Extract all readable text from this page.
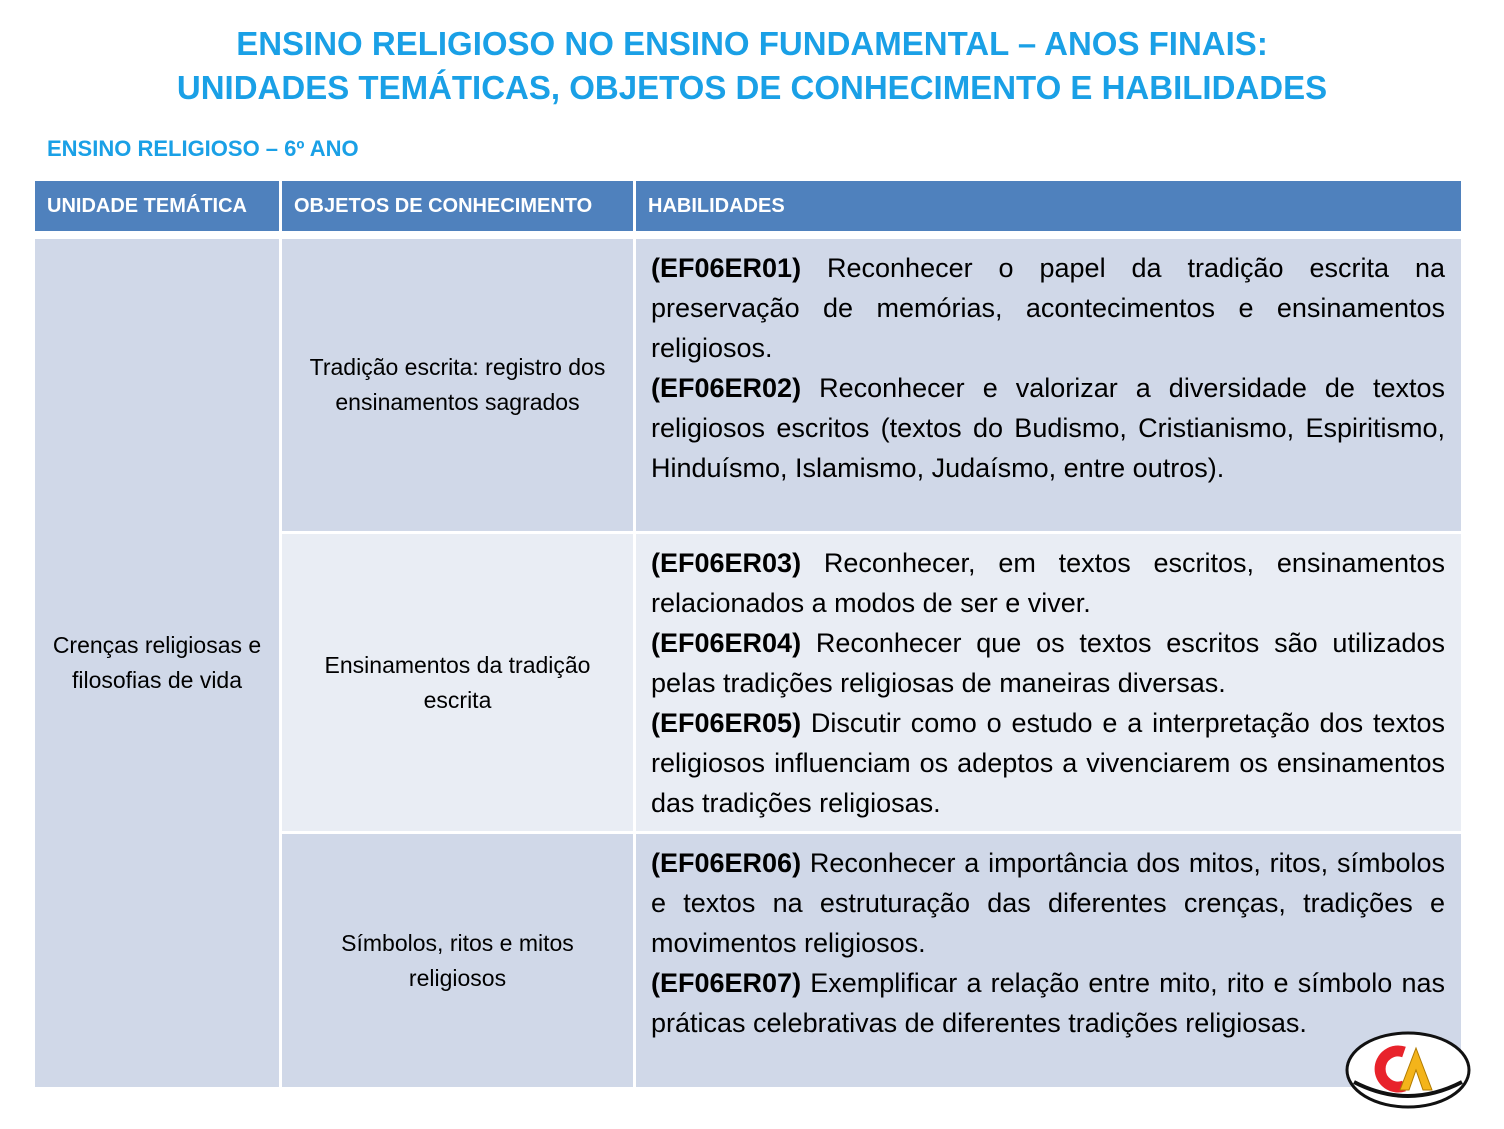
ENSINO RELIGIOSO NO ENSINO FUNDAMENTAL – ANOS FINAIS:
UNIDADES TEMÁTICAS, OBJETOS DE CONHECIMENTO E HABILIDADES
ENSINO RELIGIOSO – 6º ANO
UNIDADE TEMÁTICA	OBJETOS DE CONHECIMENTO	HABILIDADES

Crenças religiosas e filosofias de vida	Tradição escrita: registro dos ensinamentos sagrados	(EF06ER01) Reconhecer o papel da tradição escrita na preservação de memórias, acontecimentos e ensinamentos religiosos.

(EF06ER02) Reconhecer e valorizar a diversidade de textos religiosos escritos (textos do Budismo, Cristianismo, Espiritismo, Hinduísmo, Islamismo, Judaísmo, entre outros).

	Ensinamentos da tradição escrita	(EF06ER03) Reconhecer, em textos escritos, ensinamentos relacionados a modos de ser e viver.

(EF06ER04) Reconhecer que os textos escritos são utilizados pelas tradições religiosas de maneiras diversas.

(EF06ER05) Discutir como o estudo e a interpretação dos textos religiosos influenciam os adeptos a vivenciarem os ensinamentos das tradições religiosas.

	Símbolos, ritos e mitos religiosos	(EF06ER06) Reconhecer a importância dos mitos, ritos, símbolos e textos na estruturação das diferentes crenças, tradições e movimentos religiosos.

(EF06ER07) Exemplificar a relação entre mito, rito e símbolo nas práticas celebrativas de diferentes tradições religiosas.
